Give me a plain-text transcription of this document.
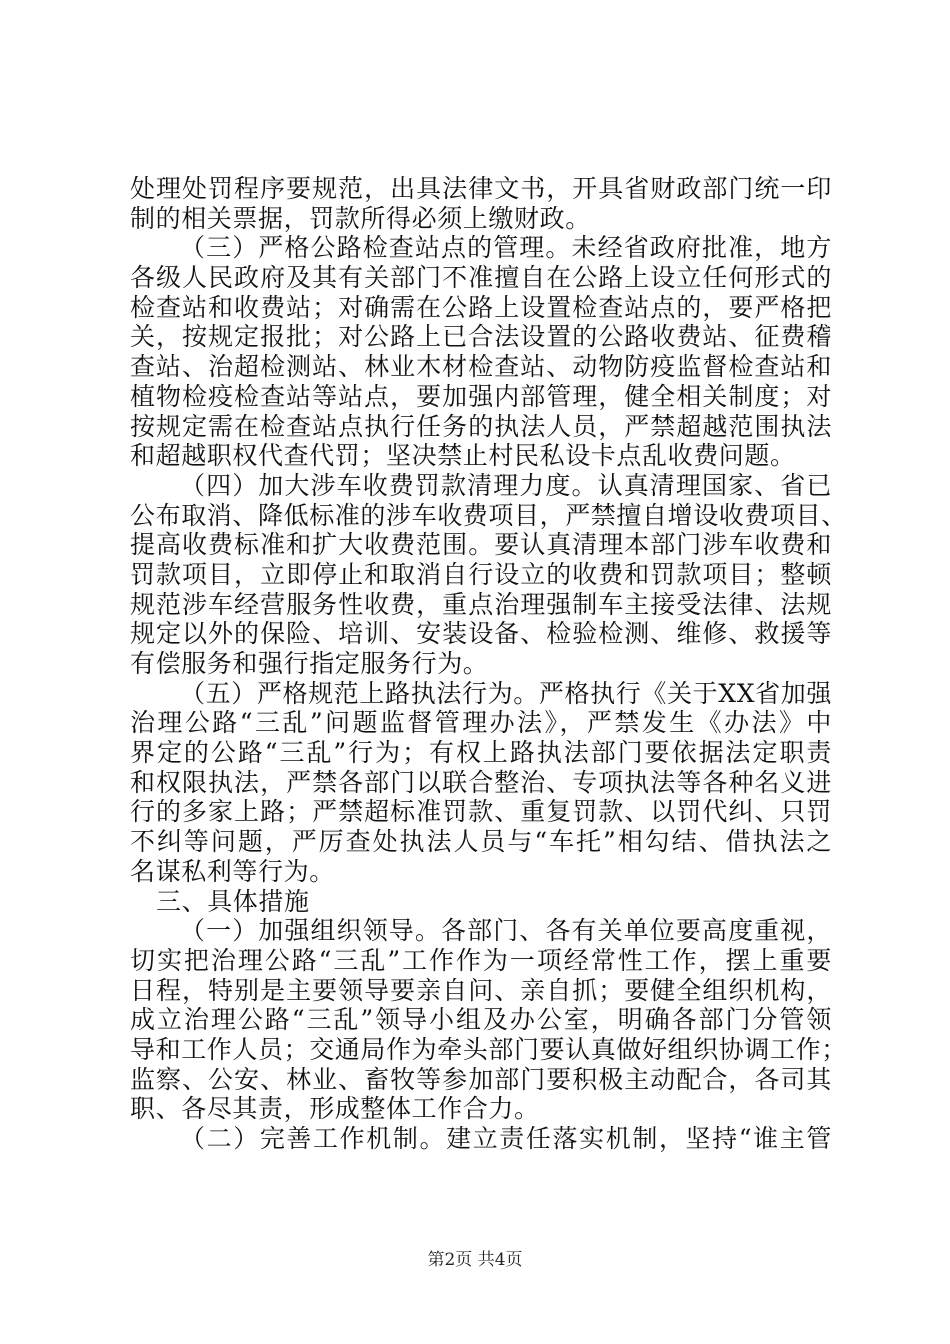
处理处罚程序要规范，出具法律文书，开具省财政部门统一印
制的相关票据，罚款所得必须上缴财政。
（三）严格公路检查站点的管理。未经省政府批准，地方
各级人民政府及其有关部门不准擅自在公路上设立任何形式的
检查站和收费站；对确需在公路上设置检查站点的，要严格把
关，按规定报批；对公路上已合法设置的公路收费站、征费稽
查站、治超检测站、林业木材检查站、动物防疫监督检查站和
植物检疫检查站等站点，要加强内部管理，健全相关制度；对
按规定需在检查站点执行任务的执法人员，严禁超越范围执法
和超越职权代查代罚；坚决禁止村民私设卡点乱收费问题。
（四）加大涉车收费罚款清理力度。认真清理国家、省已
公布取消、降低标准的涉车收费项目，严禁擅自增设收费项目、
提高收费标准和扩大收费范围。要认真清理本部门涉车收费和
罚款项目，立即停止和取消自行设立的收费和罚款项目；整顿
规范涉车经营服务性收费，重点治理强制车主接受法律、法规
规定以外的保险、培训、安装设备、检验检测、维修、救援等
有偿服务和强行指定服务行为。
（五）严格规范上路执法行为。严格执行《关于XX省加强
治理公路“三乱”问题监督管理办法》，严禁发生《办法》中
界定的公路“三乱”行为；有权上路执法部门要依据法定职责
和权限执法，严禁各部门以联合整治、专项执法等各种名义进
行的多家上路；严禁超标准罚款、重复罚款、以罚代纠、只罚
不纠等问题，严厉查处执法人员与“车托”相勾结、借执法之
名谋私利等行为。
三、具体措施
（一）加强组织领导。各部门、各有关单位要高度重视，
切实把治理公路“三乱”工作作为一项经常性工作，摆上重要
日程，特别是主要领导要亲自问、亲自抓；要健全组织机构，
成立治理公路“三乱”领导小组及办公室，明确各部门分管领
导和工作人员；交通局作为牵头部门要认真做好组织协调工作；
监察、公安、林业、畜牧等参加部门要积极主动配合，各司其
职、各尽其责，形成整体工作合力。
（二）完善工作机制。建立责任落实机制，坚持“谁主管
第2页 共4页
